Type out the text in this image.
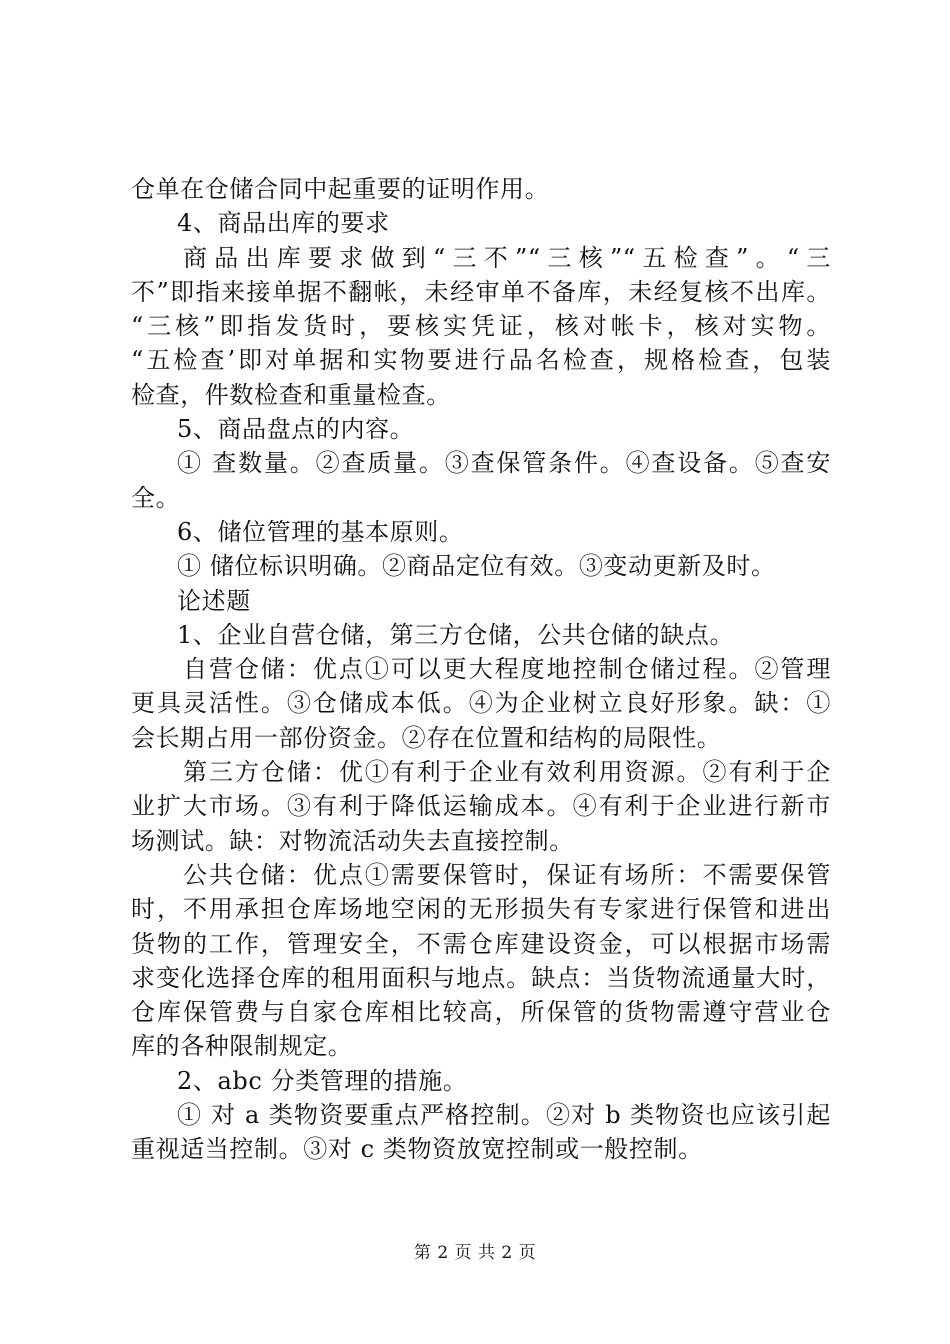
仓单在仓储合同中起重要的证明作用。
4、商品出库的要求
商品出库要求做到“三不”“三核”“五检查”。“三
不”即指来接单据不翻帐，未经审单不备库，未经复核不出库。
“三核”即指发货时，要核实凭证，核对帐卡，核对实物。
“五检查’即对单据和实物要进行品名检查，规格检查，包装
检查，件数检查和重量检查。
5、商品盘点的内容。
① 查数量。②查质量。③查保管条件。④查设备。⑤查安
全。
6、储位管理的基本原则。
① 储位标识明确。②商品定位有效。③变动更新及时。
论述题
1、企业自营仓储，第三方仓储，公共仓储的缺点。
自营仓储：优点①可以更大程度地控制仓储过程。②管理
更具灵活性。③仓储成本低。④为企业树立良好形象。缺：①
会长期占用一部份资金。②存在位置和结构的局限性。
第三方仓储：优①有利于企业有效利用资源。②有利于企
业扩大市场。③有利于降低运输成本。④有利于企业进行新市
场测试。缺：对物流活动失去直接控制。
公共仓储：优点①需要保管时，保证有场所：不需要保管
时，不用承担仓库场地空闲的无形损失有专家进行保管和进出
货物的工作，管理安全，不需仓库建设资金，可以根据市场需
求变化选择仓库的租用面积与地点。缺点：当货物流通量大时，
仓库保管费与自家仓库相比较高，所保管的货物需遵守营业仓
库的各种限制规定。
2、abc 分类管理的措施。
① 对 a 类物资要重点严格控制。②对 b 类物资也应该引起
重视适当控制。③对 c 类物资放宽控制或一般控制。
第 2 页 共 2 页
